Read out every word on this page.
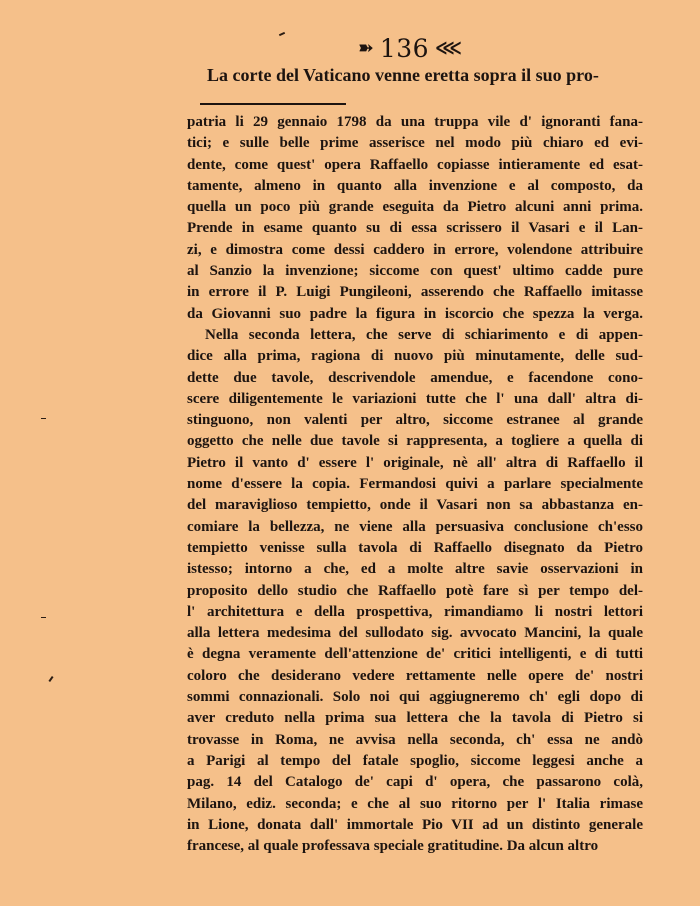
➽ 136 ⋘
La corte del Vaticano venne eretta sopra il suo pro-
patria li 29 gennaio 1798 da una truppa vile d' ignoranti fana-
tici; e sulle belle prime asserisce nel modo più chiaro ed evi-
dente, come quest' opera Raffaello copiasse intieramente ed esat-
tamente, almeno in quanto alla invenzione e al composto, da
quella un poco più grande eseguita da Pietro alcuni anni prima.
Prende in esame quanto su di essa scrissero il Vasari e il Lan-
zi, e dimostra come dessi caddero in errore, volendone attribuire
al Sanzio la invenzione; siccome con quest' ultimo cadde pure
in errore il P. Luigi Pungileoni, asserendo che Raffaello imitasse
da Giovanni suo padre la figura in iscorcio che spezza la verga.
Nella seconda lettera, che serve di schiarimento e di appen-
dice alla prima, ragiona di nuovo più minutamente, delle sud-
dette due tavole, descrivendole amendue, e facendone cono-
scere diligentemente le variazioni tutte che l' una dall' altra di-
stinguono, non valenti per altro, siccome estranee al grande
oggetto che nelle due tavole si rappresenta, a togliere a quella di
Pietro il vanto d' essere l' originale, nè all' altra di Raffaello il
nome d'essere la copia. Fermandosi quivi a parlare specialmente
del maraviglioso tempietto, onde il Vasari non sa abbastanza en-
comiare la bellezza, ne viene alla persuasiva conclusione ch'esso
tempietto venisse sulla tavola di Raffaello disegnato da Pietro
istesso; intorno a che, ed a molte altre savie osservazioni in
proposito dello studio che Raffaello potè fare sì per tempo del-
l' architettura e della prospettiva, rimandiamo li nostri lettori
alla lettera medesima del sullodato sig. avvocato Mancini, la quale
è degna veramente dell'attenzione de' critici intelligenti, e di tutti
coloro che desiderano vedere rettamente nelle opere de' nostri
sommi connazionali. Solo noi qui aggiugneremo ch' egli dopo di
aver creduto nella prima sua lettera che la tavola di Pietro si
trovasse in Roma, ne avvisa nella seconda, ch' essa ne andò
a Parigi al tempo del fatale spoglio, siccome leggesi anche a
pag. 14 del Catalogo de' capi d' opera, che passarono colà,
Milano, ediz. seconda; e che al suo ritorno per l' Italia rimase
in Lione, donata dall' immortale Pio VII ad un distinto generale
francese, al quale professava speciale gratitudine. Da alcun altro
